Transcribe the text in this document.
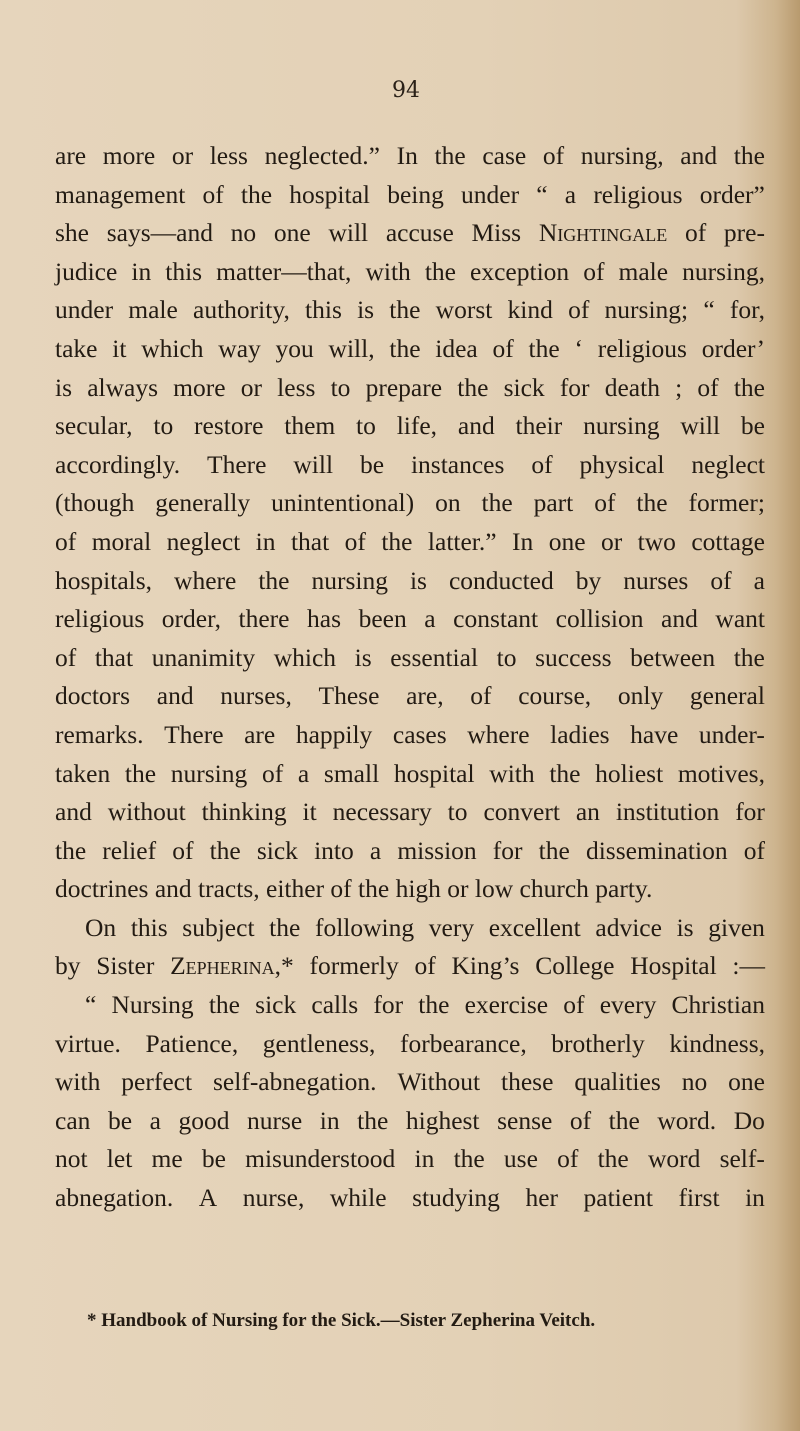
94
are more or less neglected.” In the case of nursing, and the
management of the hospital being under “ a religious order”
she says—and no one will accuse Miss Nightingale of pre-
judice in this matter—that, with the exception of male nursing,
under male authority, this is the worst kind of nursing; “ for,
take it which way you will, the idea of the ‘ religious order’
is always more or less to prepare the sick for death ; of the
secular, to restore them to life, and their nursing will be
accordingly. There will be instances of physical neglect
(though generally unintentional) on the part of the former;
of moral neglect in that of the latter.” In one or two cottage
hospitals, where the nursing is conducted by nurses of a
religious order, there has been a constant collision and want
of that unanimity which is essential to success between the
doctors and nurses, These are, of course, only general
remarks. There are happily cases where ladies have under-
taken the nursing of a small hospital with the holiest motives,
and without thinking it necessary to convert an institution for
the relief of the sick into a mission for the dissemination of
doctrines and tracts, either of the high or low church party.
On this subject the following very excellent advice is given
by Sister Zepherina,* formerly of King’s College Hospital :—
“ Nursing the sick calls for the exercise of every Christian
virtue. Patience, gentleness, forbearance, brotherly kindness,
with perfect self-abnegation. Without these qualities no one
can be a good nurse in the highest sense of the word. Do
not let me be misunderstood in the use of the word self-
abnegation. A nurse, while studying her patient first in
* Handbook of Nursing for the Sick.—Sister Zepherina Veitch.
